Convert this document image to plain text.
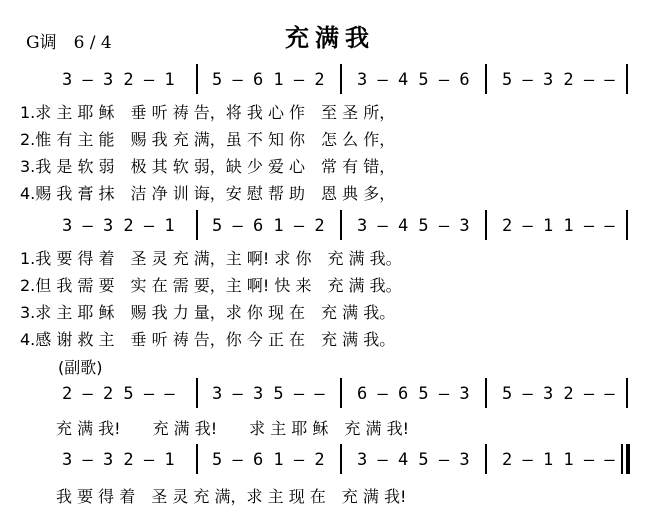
G调　6 / 4	充满我
3 – 3 2 – 1 5 – 6 1 – 2 3 – 4 5 – 6 5 – 3 2 – –
1.求 主 耶 稣　垂 听 祷 告，将 我 心 作　至 圣 所，
2.惟 有 主 能　赐 我 充 满，虽 不 知 你　怎 么 作，
3.我 是 软 弱　极 其 软 弱，缺 少 爱 心　常 有 错，
4.赐 我 膏 抹　洁 净 训 诲，安 慰 帮 助　恩 典 多，
3 – 3 2 – 1 5 – 6 1 – 2 3 – 4 5 – 3 2 – 1 1 – –
1.我 要 得 着　圣 灵 充 满，主 啊! 求 你　充 满 我。
2.但 我 需 要　实 在 需 要，主 啊! 快 来　充 满 我。
3.求 主 耶 稣　赐 我 力 量，求 你 现 在　充 满 我。
4.感 谢 救 主　垂 听 祷 告，你 今 正 在　充 满 我。
(副歌)
2 – 2 5 – – 3 – 3 5 – – 6 – 6 5 – 3 5 – 3 2 – –
充 满 我!　　充 满 我!　　求 主 耶 稣　充 满 我!
3 – 3 2 – 1 5 – 6 1 – 2 3 – 4 5 – 3 2 – 1 1 – –
我 要 得 着　圣 灵 充 满，求 主 现 在　充 满 我!
